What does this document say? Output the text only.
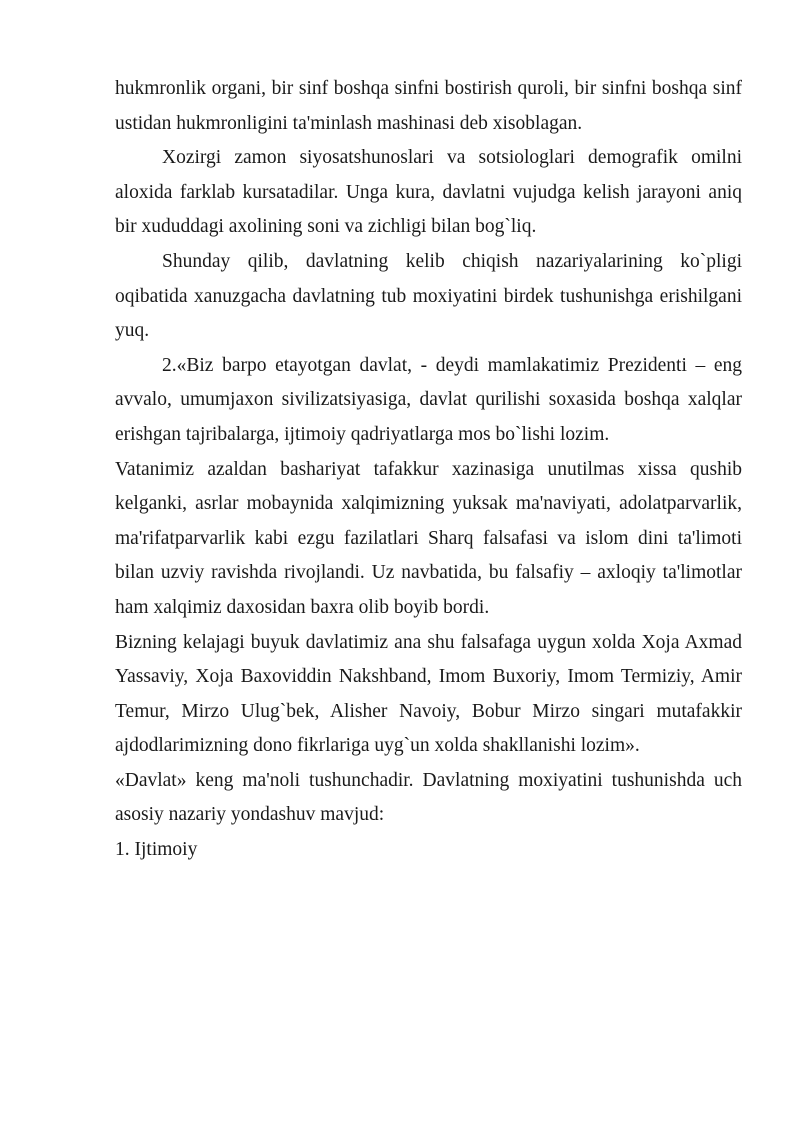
hukmronlik organi, bir sinf boshqa sinfni bostirish quroli, bir sinfni boshqa sinf ustidan hukmronligini ta'minlash mashinasi deb xisoblagan.

Xozirgi zamon siyosatshunoslari va sotsiologlari demografik omilni aloxida farklab kursatadilar. Unga kura, davlatni vujudga kelish jarayoni aniq bir xududdagi axolining soni va zichligi bilan bog`liq.

Shunday qilib, davlatning kelib chiqish nazariyalarining ko`pligi oqibatida xanuzgacha davlatning tub moxiyatini birdek tushunishga erishilgani yuq.

2.«Biz barpo etayotgan davlat, - deydi mamlakatimiz Prezidenti – eng avvalo, umumjaxon sivilizatsiyasiga, davlat qurilishi soxasida boshqa xalqlar erishgan tajribalarga, ijtimoiy qadriyatlarga mos bo`lishi lozim.

Vatanimiz azaldan bashariyat tafakkur xazinasiga unutilmas xissa qushib kelganki, asrlar mobaynida xalqimizning yuksak ma'naviyati, adolatparvarlik, ma'rifatparvarlik kabi ezgu fazilatlari Sharq falsafasi va islom dini ta'limoti bilan uzviy ravishda rivojlandi. Uz navbatida, bu falsafiy – axloqiy ta'limotlar ham xalqimiz daxosidan baxra olib boyib bordi.

Bizning kelajagi buyuk davlatimiz ana shu falsafaga uygun xolda Xoja Axmad Yassaviy, Xoja Baxoviddin Nakshband, Imom Buxoriy, Imom Termiziy, Amir Temur, Mirzo Ulug`bek, Alisher Navoiy, Bobur Mirzo singari mutafakkir ajdodlarimizning dono fikrlariga uyg`un xolda shakllanishi lozim».

«Davlat» keng ma'noli tushunchadir. Davlatning moxiyatini tushunishda uch asosiy nazariy yondashuv mavjud:

1. Ijtimoiy
